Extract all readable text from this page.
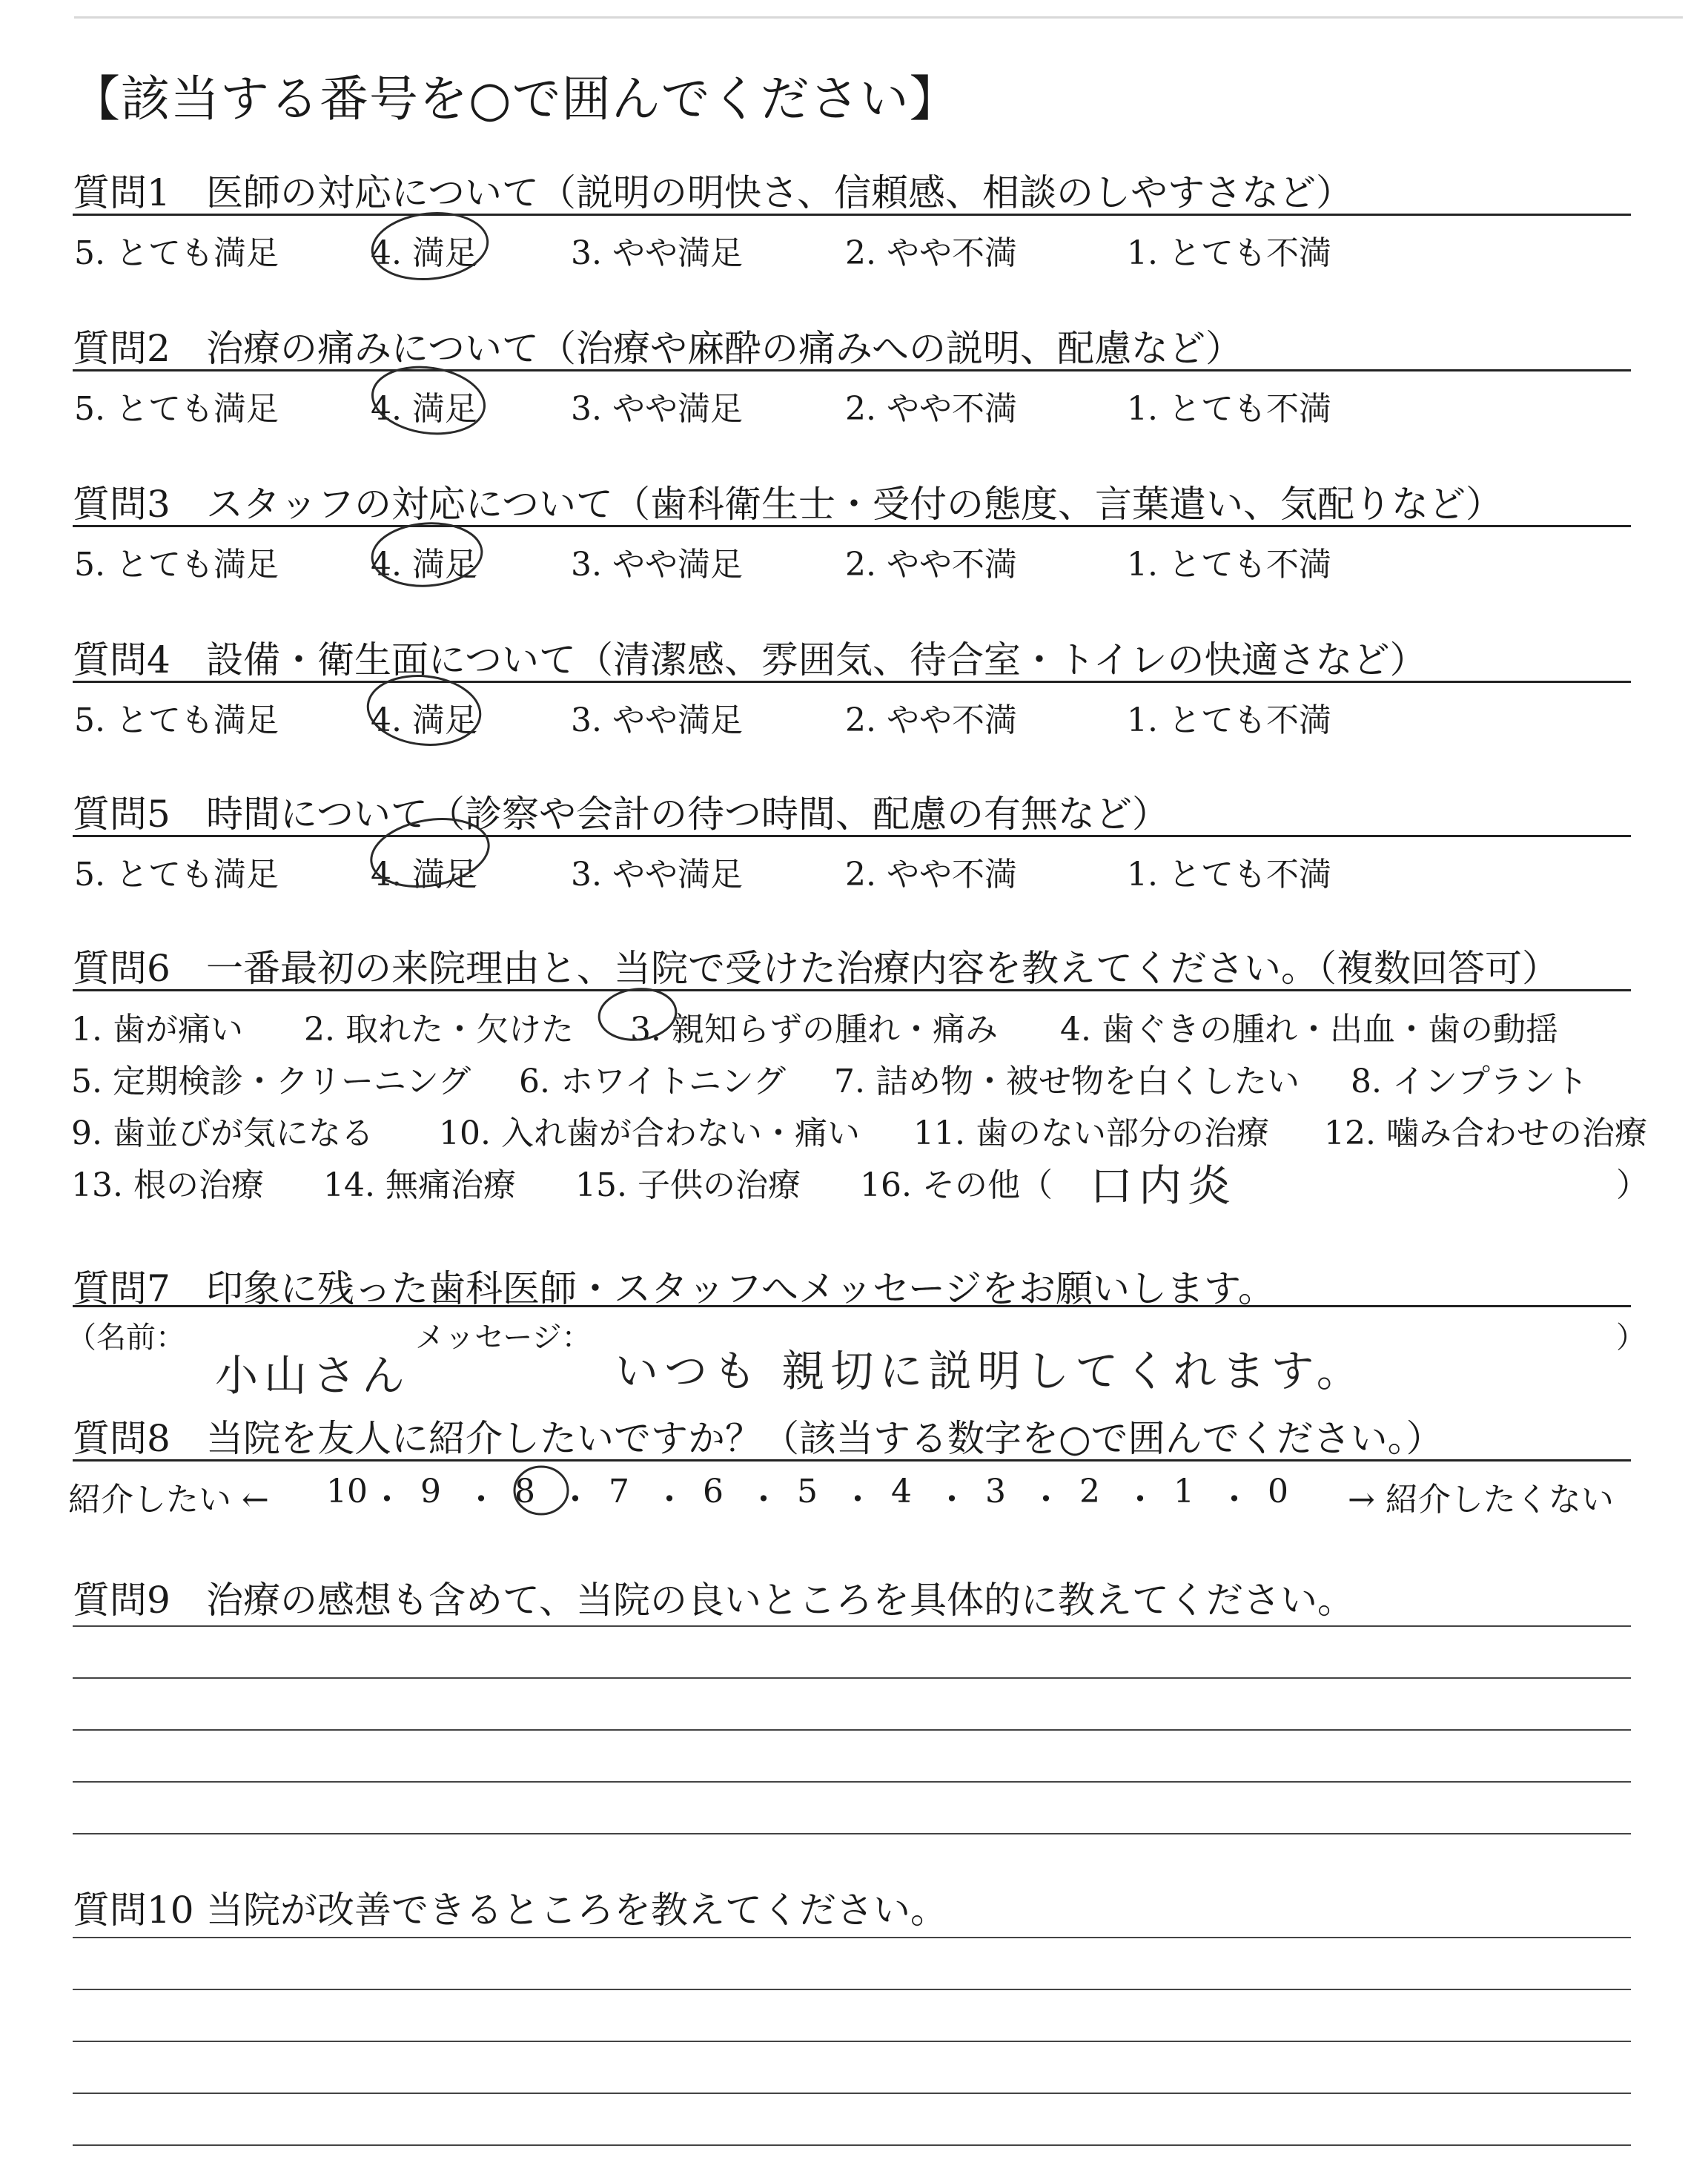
【該当する番号を○で囲んでください】
質問1 医師の対応について（説明の明快さ、信頼感、相談のしやすさなど）
5. とても満足	4. 満足	3. やや満足	2. やや不満	1. とても不満
質問2 治療の痛みについて（治療や麻酔の痛みへの説明、配慮など）
5. とても満足	4. 満足	3. やや満足	2. やや不満	1. とても不満
質問3 スタッフの対応について（歯科衛生士・受付の態度、言葉遣い、気配りなど）
5. とても満足	4. 満足	3. やや満足	2. やや不満	1. とても不満
質問4 設備・衛生面について（清潔感、雰囲気、待合室・トイレの快適さなど）
5. とても満足	4. 満足	3. やや満足	2. やや不満	1. とても不満
質問5 時間について（診察や会計の待つ時間、配慮の有無など）
5. とても満足	4. 満足	3. やや満足	2. やや不満	1. とても不満
質問6 一番最初の来院理由と、当院で受けた治療内容を教えてください。（複数回答可）
1. 歯が痛い 2. 取れた・欠けた 3. 親知らずの腫れ・痛み 4. 歯ぐきの腫れ・出血・歯の動揺
5. 定期検診・クリーニング 6. ホワイトニング 7. 詰め物・被せ物を白くしたい 8. インプラント
9. 歯並びが気になる 10. 入れ歯が合わない・痛い 11. 歯のない部分の治療 12. 噛み合わせの治療
13. 根の治療 14. 無痛治療 15. 子供の治療 16. その他（ 口内炎	）
質問7 印象に残った歯科医師・スタッフへメッセージをお願いします。
（名前：	メッセージ：	）
小山さん	いつも 親切に説明してくれます。
質問8 当院を友人に紹介したいですか？（該当する数字を○で囲んでください。）
紹介したい ← 10 ・ 9 ・ 8 ・ 7 ・ 6 ・ 5 ・ 4 ・ 3 ・ 2 ・ 1 ・ 0 → 紹介したくない
質問9 治療の感想も含めて、当院の良いところを具体的に教えてください。
質問10 当院が改善できるところを教えてください。
